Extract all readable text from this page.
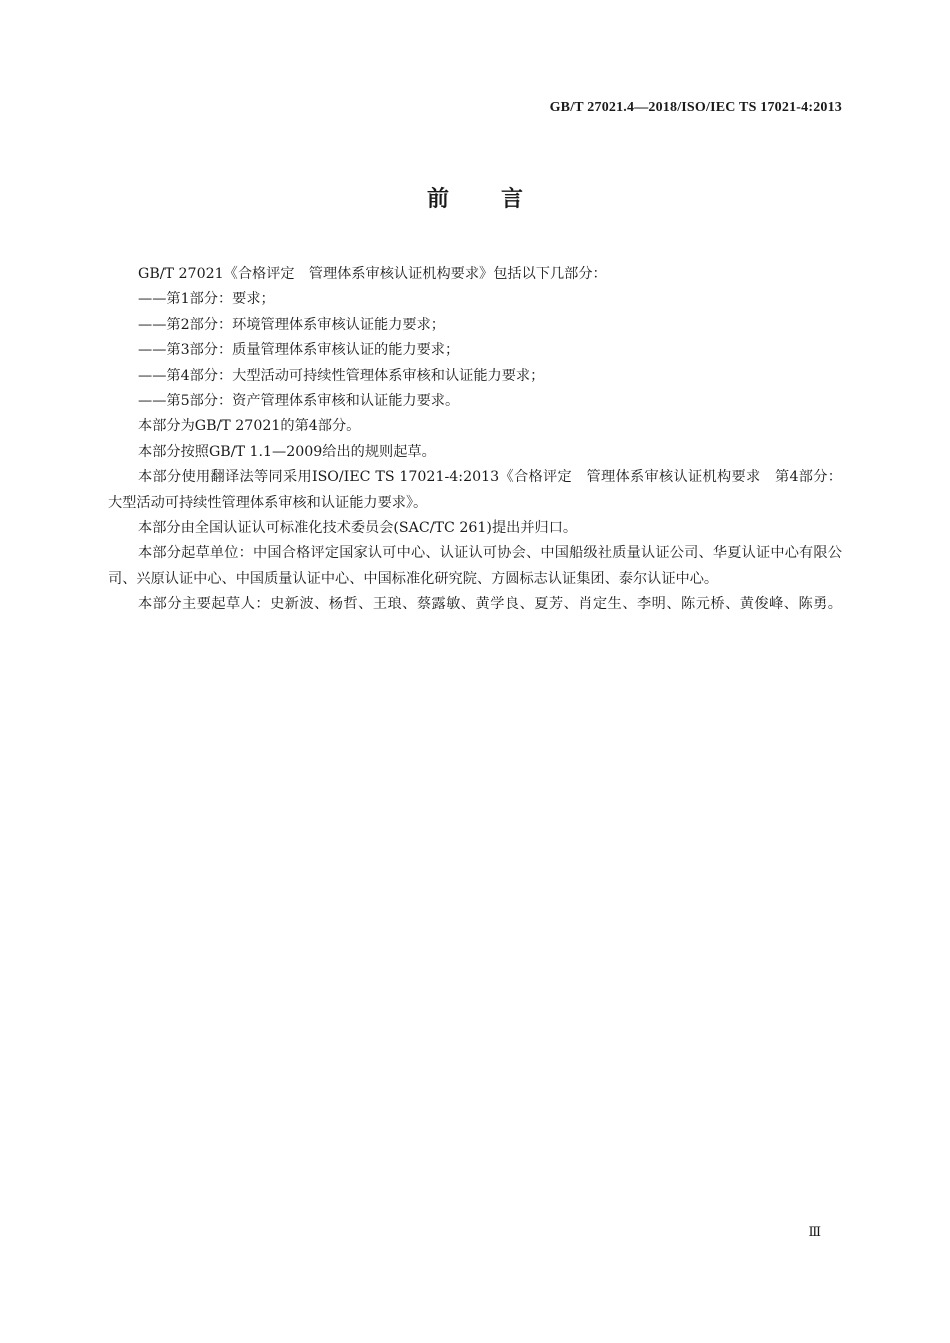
GB/T 27021.4—2018/ISO/IEC TS 17021-4:2013
前言

GB/T 27021《合格评定　管理体系审核认证机构要求》包括以下几部分：

——第1部分：要求；

——第2部分：环境管理体系审核认证能力要求；

——第3部分：质量管理体系审核认证的能力要求；

——第4部分：大型活动可持续性管理体系审核和认证能力要求；

——第5部分：资产管理体系审核和认证能力要求。

本部分为GB/T 27021的第4部分。

本部分按照GB/T 1.1—2009给出的规则起草。

本部分使用翻译法等同采用ISO/IEC TS 17021-4:2013《合格评定　管理体系审核认证机构要求　第4部分：大型活动可持续性管理体系审核和认证能力要求》。

本部分由全国认证认可标准化技术委员会(SAC/TC 261)提出并归口。

本部分起草单位：中国合格评定国家认可中心、认证认可协会、中国船级社质量认证公司、华夏认证中心有限公司、兴原认证中心、中国质量认证中心、中国标准化研究院、方圆标志认证集团、泰尔认证中心。

本部分主要起草人：史新波、杨哲、王琅、蔡露敏、黄学良、夏芳、肖定生、李明、陈元桥、黄俊峰、陈勇。

Ⅲ
